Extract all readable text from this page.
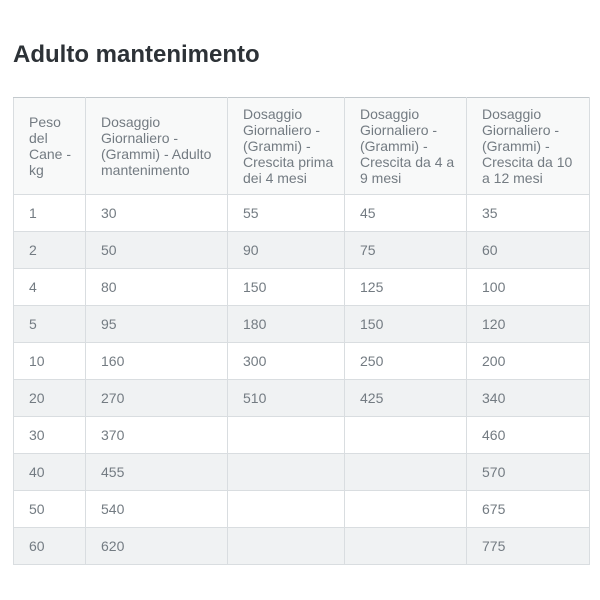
Adulto mantenimento
Peso del Cane - kg	Dosaggio Giornaliero - (Grammi) - Adulto mantenimento	Dosaggio Giornaliero - (Grammi) - Crescita prima dei 4 mesi	Dosaggio Giornaliero - (Grammi) - Crescita da 4 a 9 mesi	Dosaggio Giornaliero - (Grammi) - Crescita da 10 a 12 mesi
1	30	55	45	35
2	50	90	75	60
4	80	150	125	100
5	95	180	150	120
10	160	300	250	200
20	270	510	425	340
30	370			460
40	455			570
50	540			675
60	620			775
